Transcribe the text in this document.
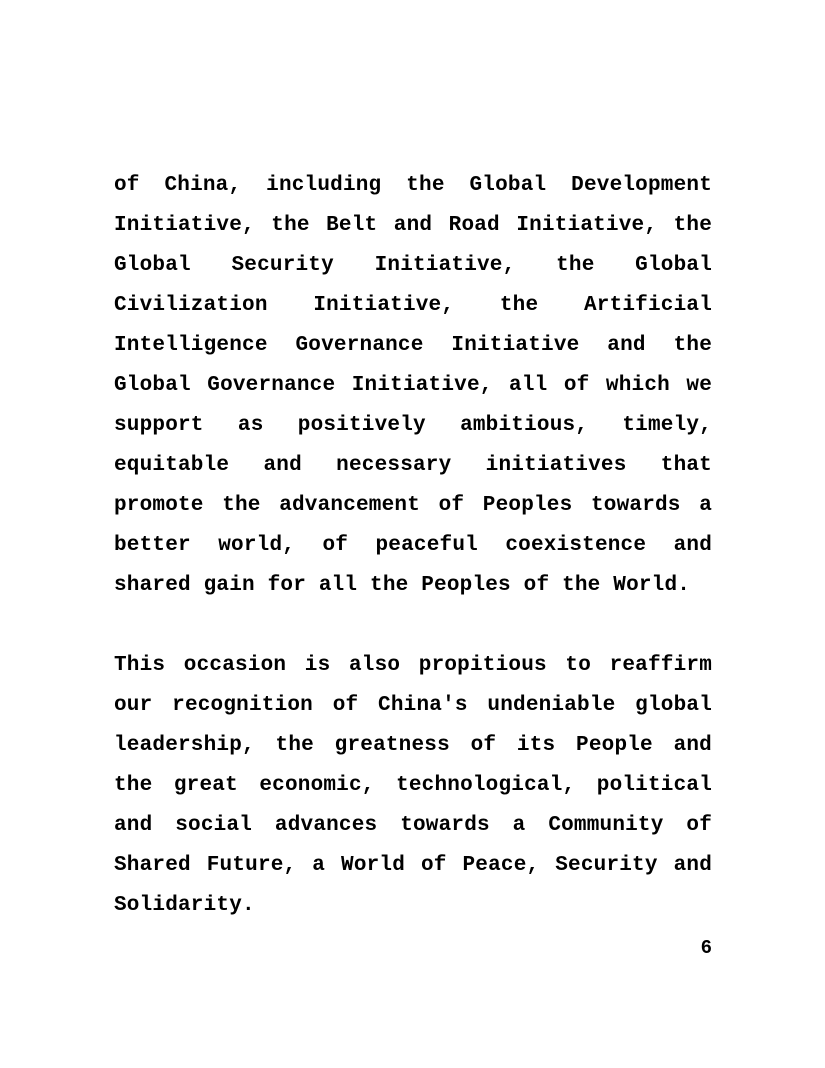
of China, including the Global Development Initiative, the Belt and Road Initiative, the Global Security Initiative, the Global Civilization Initiative, the Artificial Intelligence Governance Initiative and the Global Governance Initiative, all of which we support as positively ambitious, timely, equitable and necessary initiatives that promote the advancement of Peoples towards a better world, of peaceful coexistence and shared gain for all the Peoples of the World.

This occasion is also propitious to reaffirm our recognition of China's undeniable global leadership, the greatness of its People and the great economic, technological, political and social advances towards a Community of Shared Future, a World of Peace, Security and Solidarity.

6
